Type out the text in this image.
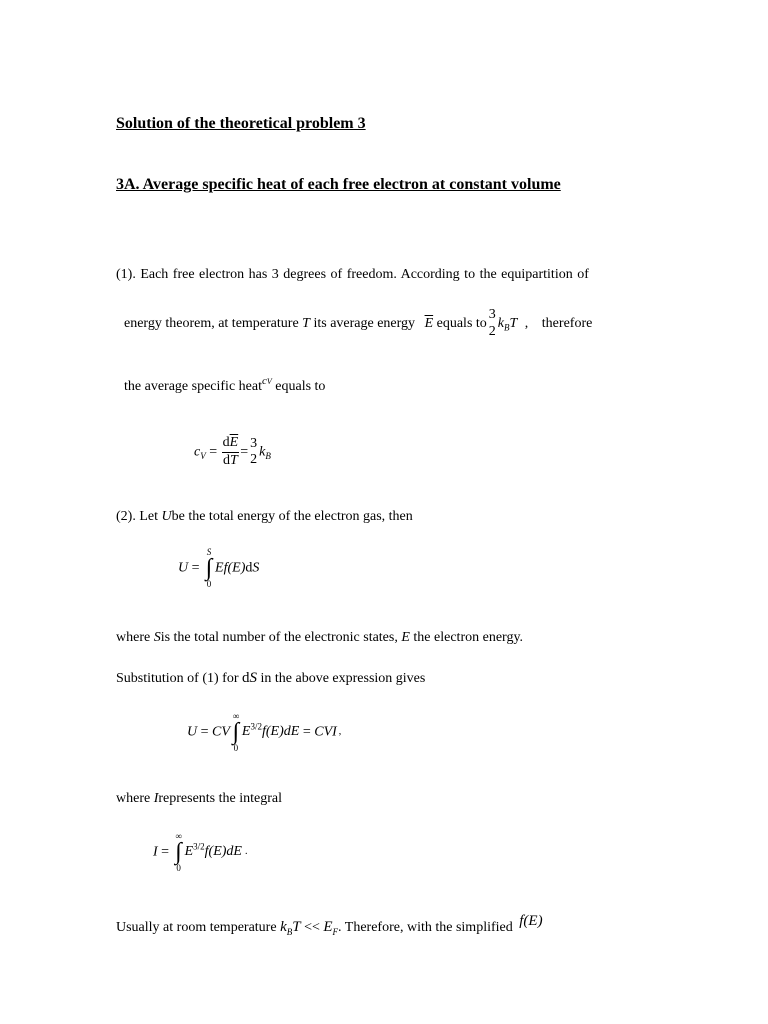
Solution of the theoretical problem 3
3A. Average specific heat of each free electron at constant volume
(1). Each free electron has 3 degrees of freedom. According to the equipartition of
energy theorem, at temperature T its average energy $\overline{E}$ equals to
3
2
$k_BT$ , therefore
the average specific heat$^{cV}$ equals to
$c_V = \frac{d\overline{E}}{dT}$ =
3
2
$k_B$
(2). Let Ube the total energy of the electron gas, then
U =
S
∫
0
Ef(E)dS
where Sis the total number of the electronic states, E the electron energy.
Substitution of (1) for dS in the above expression gives
U = CV
∞
∫
0
$E^{3/2}f(E)dE$ = CVI ,
where Irepresents the integral
I =
∞
∫
0
$E^{3/2}f(E)dE$ .
Usually at room temperature $k_BT << E_F$. Therefore, with the simplified f(E)
